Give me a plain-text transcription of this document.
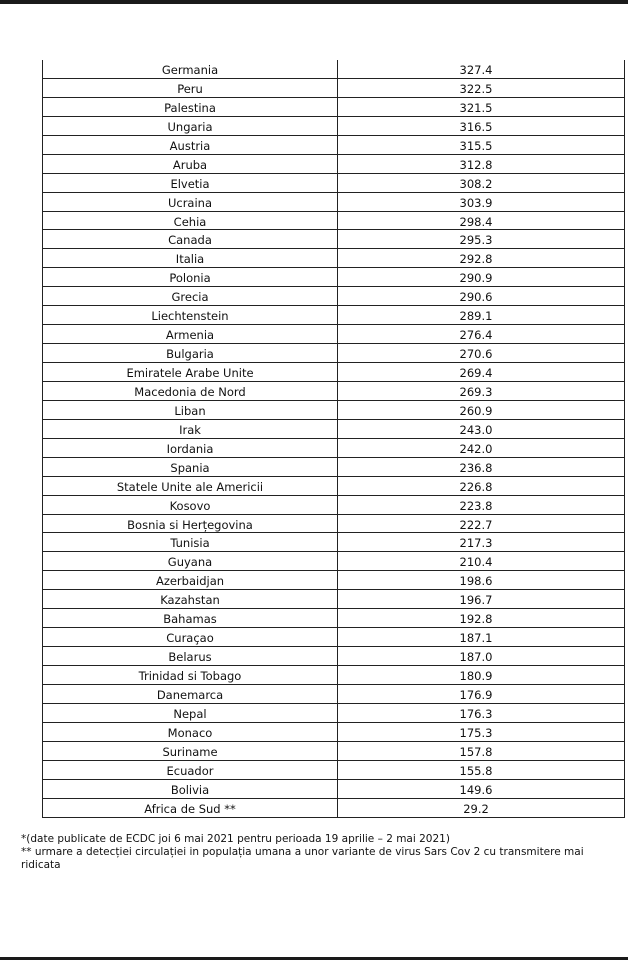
Germania	327.4
Peru	322.5
Palestina	321.5
Ungaria	316.5
Austria	315.5
Aruba	312.8
Elvetia	308.2
Ucraina	303.9
Cehia	298.4
Canada	295.3
Italia	292.8
Polonia	290.9
Grecia	290.6
Liechtenstein	289.1
Armenia	276.4
Bulgaria	270.6
Emiratele Arabe Unite	269.4
Macedonia de Nord	269.3
Liban	260.9
Irak	243.0
Iordania	242.0
Spania	236.8
Statele Unite ale Americii	226.8
Kosovo	223.8
Bosnia si Herțegovina	222.7
Tunisia	217.3
Guyana	210.4
Azerbaidjan	198.6
Kazahstan	196.7
Bahamas	192.8
Curaçao	187.1
Belarus	187.0
Trinidad si Tobago	180.9
Danemarca	176.9
Nepal	176.3
Monaco	175.3
Suriname	157.8
Ecuador	155.8
Bolivia	149.6
Africa de Sud **	29.2
*(date publicate de ECDC joi 6 mai 2021 pentru perioada 19 aprilie – 2 mai 2021)
** urmare a detecției circulației in populația umana a unor variante de virus Sars Cov 2 cu transmitere mai ridicata
